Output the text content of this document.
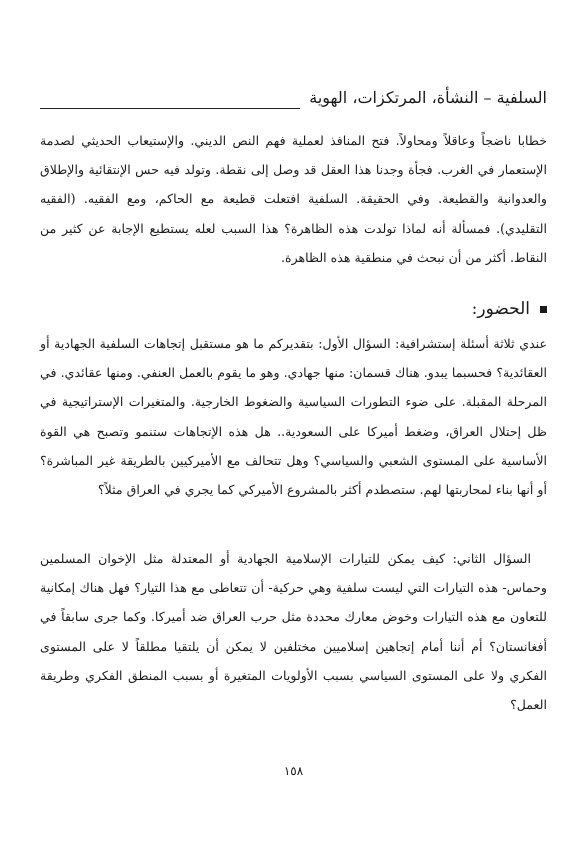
السلفية – النشأة، المرتكزات، الهوية

خطابا ناضجاً وعاقلاً ومحاولاً. فتح المنافذ لعملية فهم النص الديني. والإستيعاب الحديثي لصدمة الإستعمار في الغرب. فجأة وجدنا هذا العقل قد وصل إلى نقطة. وتولد فيه حس الإنتقائية والإطلاق والعدوانية والقطيعة. وفي الحقيقة. السلفية افتعلت قطيعة مع الحاكم، ومع الفقيه. (الفقيه التقليدي). فمسألة أنه لماذا تولدت هذه الظاهرة؟ هذا السبب لعله يستطيع الإجابة عن كثير من النقاط. أكثر من أن نبحث في منطقية هذه الظاهرة.

الحضور:

عندي ثلاثة أسئلة إستشرافية: السؤال الأول: بتقديركم ما هو مستقبل إتجاهات السلفية الجهادية أو العقائدية؟ فحسبما يبدو. هناك قسمان: منها جهادي. وهو ما يقوم بالعمل العنفي. ومنها عقائدي. في المرحلة المقبلة. على ضوء التطورات السياسية والضغوط الخارجية. والمتغيرات الإستراتيجية في ظل إحتلال العراق، وضغط أميركا على السعودية.. هل هذه الإتجاهات ستنمو وتصبح هي القوة الأساسية على المستوى الشعبي والسياسي؟ وهل تتحالف مع الأميركيين بالطريقة غير المباشرة؟ أو أنها بناء لمحاربتها لهم. ستصطدم أكثر بالمشروع الأميركي كما يجري في العراق مثلاً؟

السؤال الثاني: كيف يمكن للتيارات الإسلامية الجهادية أو المعتدلة مثل الإخوان المسلمين وحماس- هذه التيارات التي ليست سلفية وهي حركية- أن تتعاطى مع هذا التيار؟ فهل هناك إمكانية للتعاون مع هذه التيارات وخوض معارك محددة مثل حرب العراق ضد أميركا. وكما جرى سابقاً في أفغانستان؟ أم أننا أمام إتجاهين إسلاميين مختلفين لا يمكن أن يلتقيا مطلقاً لا على المستوى الفكري ولا على المستوى السياسي بسبب الأولويات المتغيرة أو بسبب المنطق الفكري وطريقة العمل؟

١٥٨
